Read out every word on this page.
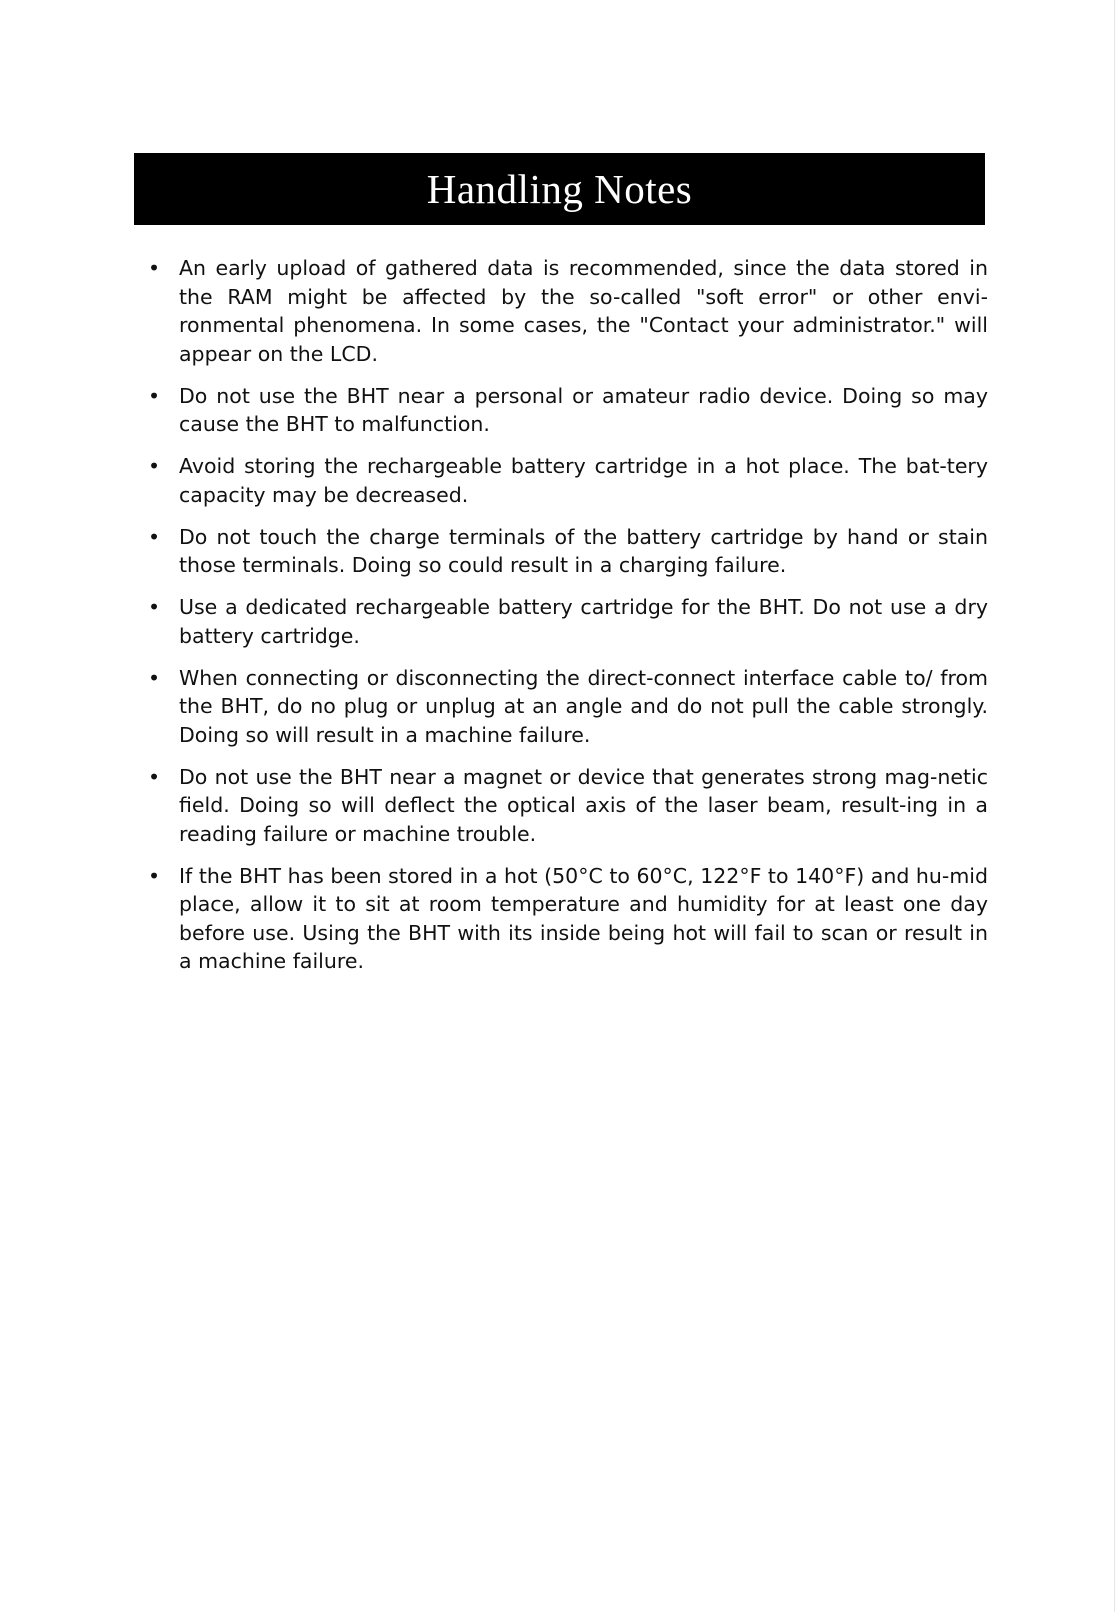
Handling Notes
• An early upload of gathered data is recommended, since the data stored in the RAM might be affected by the so-called "soft error" or other envi-ronmental phenomena. In some cases, the "Contact your administrator." will appear on the LCD.
• Do not use the BHT near a personal or amateur radio device. Doing so may cause the BHT to malfunction.
• Avoid storing the rechargeable battery cartridge in a hot place. The bat-tery capacity may be decreased.
• Do not touch the charge terminals of the battery cartridge by hand or stain those terminals. Doing so could result in a charging failure.
• Use a dedicated rechargeable battery cartridge for the BHT. Do not use a dry battery cartridge.
• When connecting or disconnecting the direct-connect interface cable to/ from the BHT, do no plug or unplug at an angle and do not pull the cable strongly. Doing so will result in a machine failure.
• Do not use the BHT near a magnet or device that generates strong mag-netic field. Doing so will deflect the optical axis of the laser beam, result-ing in a reading failure or machine trouble.
• If the BHT has been stored in a hot (50°C to 60°C, 122°F to 140°F) and hu-mid place, allow it to sit at room temperature and humidity for at least one day before use. Using the BHT with its inside being hot will fail to scan or result in a machine failure.
